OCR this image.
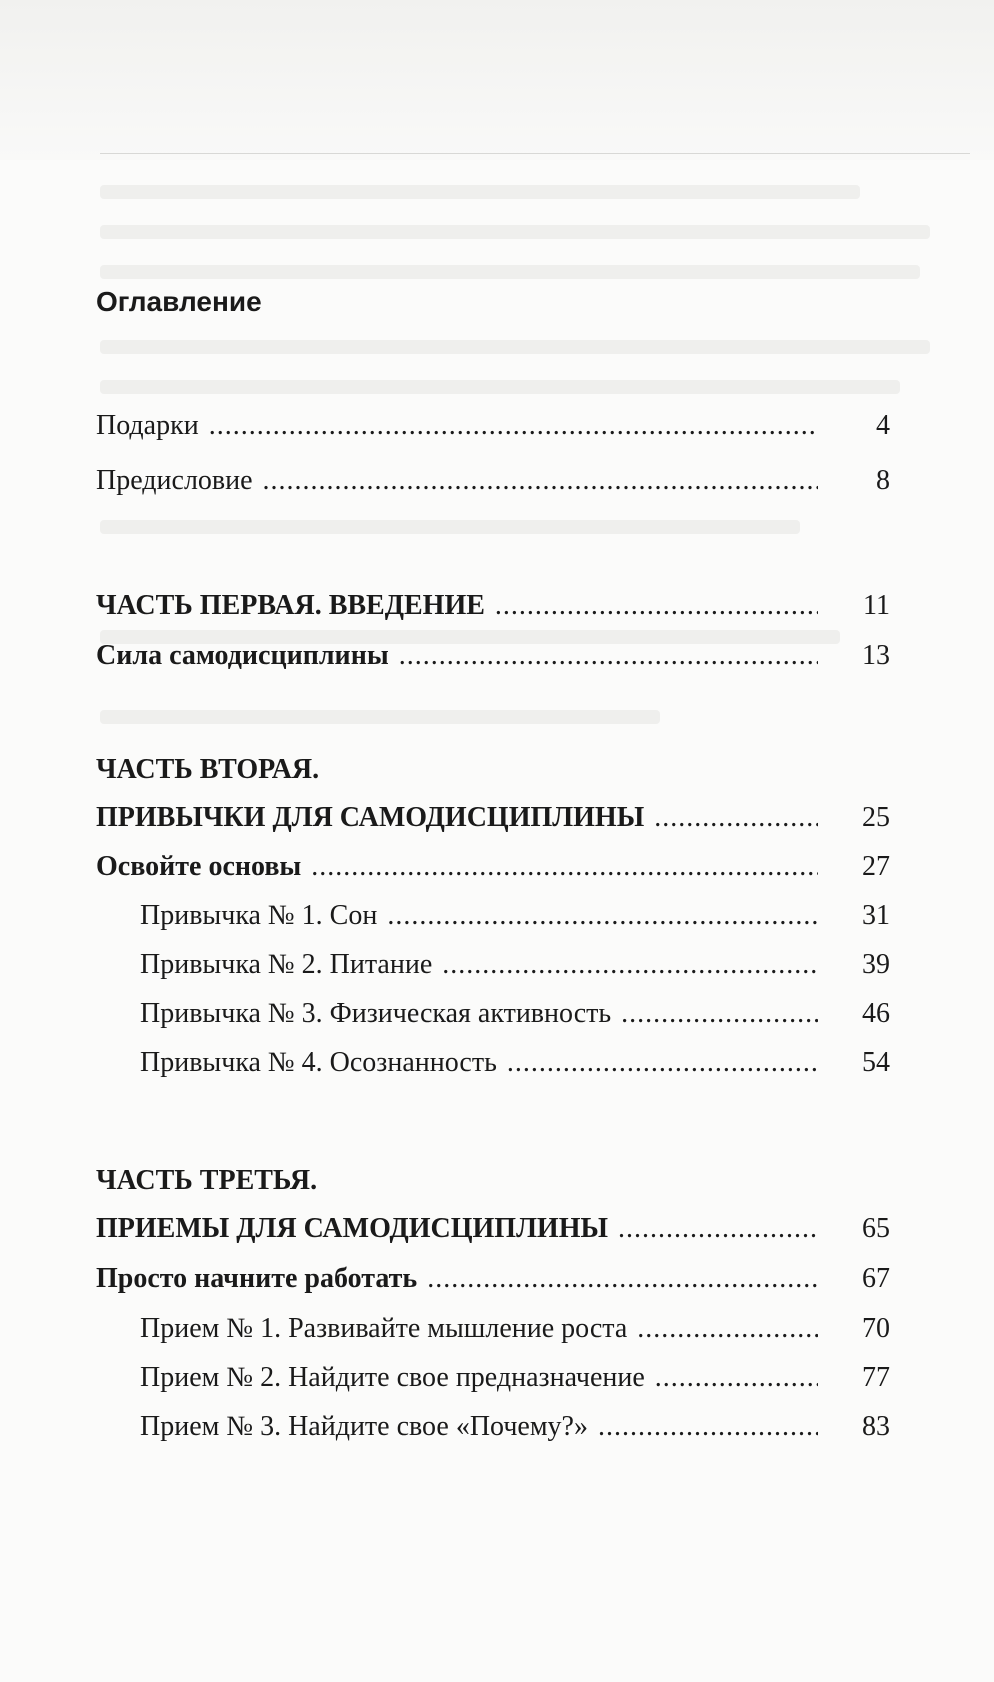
Оглавление
Подарки .....	4
Предисловие .....	8
ЧАСТЬ ПЕРВАЯ. ВВЕДЕНИЕ .....	11
Сила самодисциплины .....	13
ЧАСТЬ ВТОРАЯ.
ПРИВЫЧКИ ДЛЯ САМОДИСЦИПЛИНЫ .....	25
Освойте основы .....	27
Привычка № 1. Сон .....	31
Привычка № 2. Питание .....	39
Привычка № 3. Физическая активность .....	46
Привычка № 4. Осознанность .....	54
ЧАСТЬ ТРЕТЬЯ.
ПРИЕМЫ ДЛЯ САМОДИСЦИПЛИНЫ .....	65
Просто начните работать .....	67
Прием № 1. Развивайте мышление роста .....	70
Прием № 2. Найдите свое предназначение .....	77
Прием № 3. Найдите свое «Почему?» .....	83
